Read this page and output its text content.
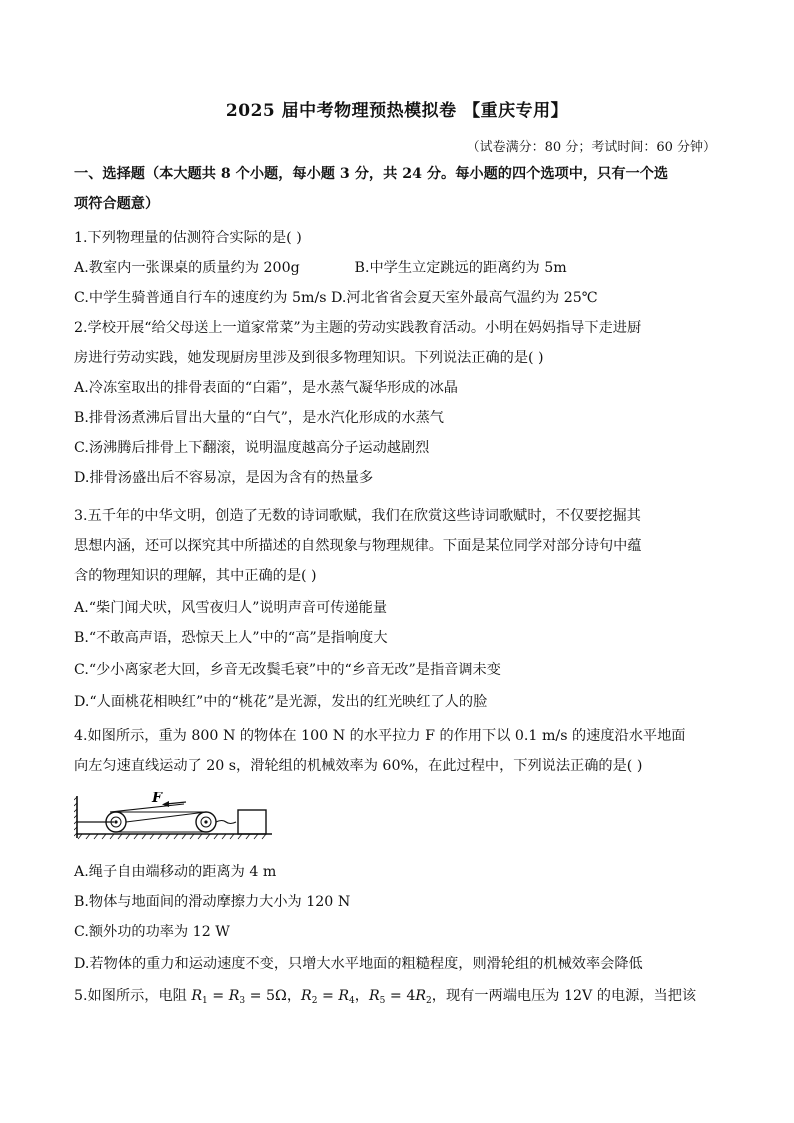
2025 届中考物理预热模拟卷 【重庆专用】
（试卷满分：80 分；考试时间：60 分钟）
一、选择题（本大题共 8 个小题，每小题 3 分，共 24 分。每小题的四个选项中，只有一个选
项符合题意）
1.下列物理量的估测符合实际的是( )
A.教室内一张课桌的质量约为 200g	B.中学生立定跳远的距离约为 5m
C.中学生骑普通自行车的速度约为 5m/s D.河北省省会夏天室外最高气温约为 25℃
2.学校开展“给父母送上一道家常菜”为主题的劳动实践教育活动。小明在妈妈指导下走进厨
房进行劳动实践，她发现厨房里涉及到很多物理知识。下列说法正确的是( )
A.冷冻室取出的排骨表面的“白霜”，是水蒸气凝华形成的冰晶
B.排骨汤煮沸后冒出大量的“白气”，是水汽化形成的水蒸气
C.汤沸腾后排骨上下翻滚，说明温度越高分子运动越剧烈
D.排骨汤盛出后不容易凉，是因为含有的热量多
3.五千年的中华文明，创造了无数的诗词歌赋，我们在欣赏这些诗词歌赋时，不仅要挖掘其
思想内涵，还可以探究其中所描述的自然现象与物理规律。下面是某位同学对部分诗句中蕴
含的物理知识的理解，其中正确的是( )
A.“柴门闻犬吠，风雪夜归人”说明声音可传递能量
B.“不敢高声语，恐惊天上人”中的“高”是指响度大
C.“少小离家老大回，乡音无改鬓毛衰”中的“乡音无改”是指音调未变
D.“人面桃花相映红”中的“桃花”是光源，发出的红光映红了人的脸
4.如图所示，重为 800 N 的物体在 100 N 的水平拉力 F 的作用下以 0.1 m/s 的速度沿水平地面
向左匀速直线运动了 20 s，滑轮组的机械效率为 60%，在此过程中，下列说法正确的是( )
F
A.绳子自由端移动的距离为 4 m
B.物体与地面间的滑动摩擦力大小为 120 N
C.额外功的功率为 12 W
D.若物体的重力和运动速度不变，只增大水平地面的粗糙程度，则滑轮组的机械效率会降低
5.如图所示，电阻 $R_1 = R_3 = 5\Omega$，$R_2 = R_4$，$R_5 = 4R_2$，现有一两端电压为 12V 的电源，当把该
